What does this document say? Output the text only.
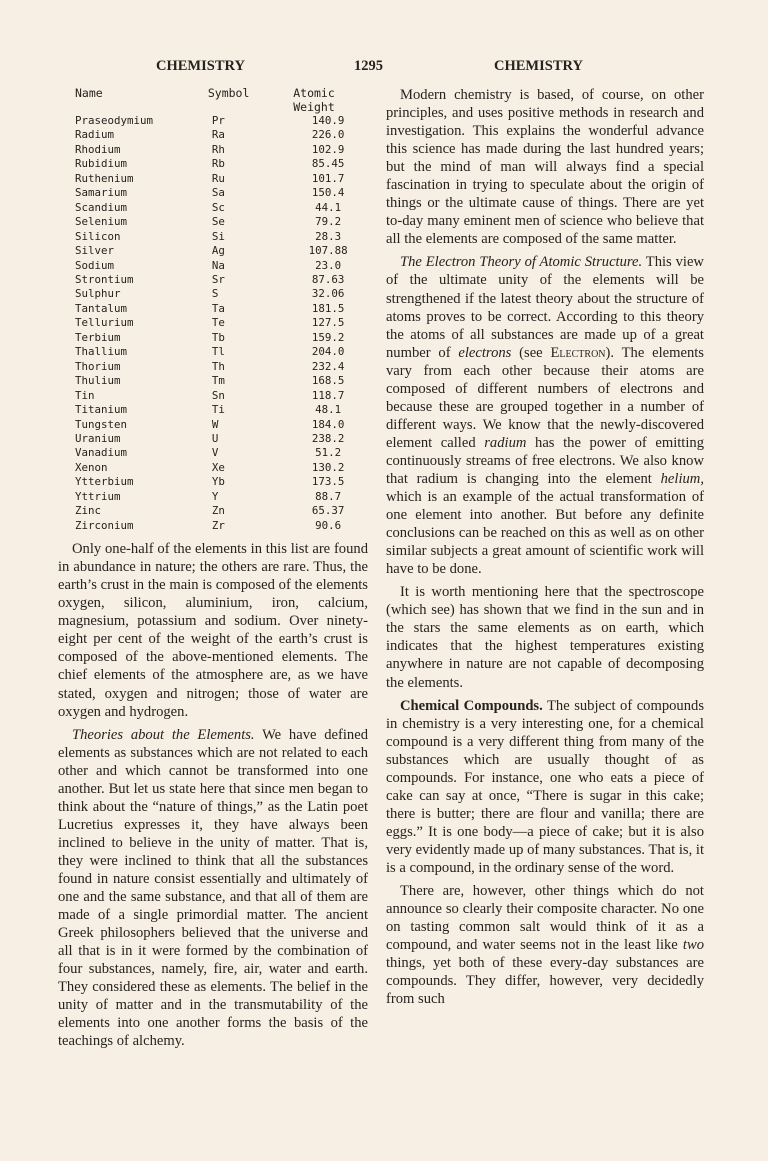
CHEMISTRY	1295	CHEMISTRY
Name	Symbol	Atomic Weight
Praseodymium	Pr	140.9
Radium	Ra	226.0
Rhodium	Rh	102.9
Rubidium	Rb	85.45
Ruthenium	Ru	101.7
Samarium	Sa	150.4
Scandium	Sc	44.1
Selenium	Se	79.2
Silicon	Si	28.3
Silver	Ag	107.88
Sodium	Na	23.0
Strontium	Sr	87.63
Sulphur	S	32.06
Tantalum	Ta	181.5
Tellurium	Te	127.5
Terbium	Tb	159.2
Thallium	Tl	204.0
Thorium	Th	232.4
Thulium	Tm	168.5
Tin	Sn	118.7
Titanium	Ti	48.1
Tungsten	W	184.0
Uranium	U	238.2
Vanadium	V	51.2
Xenon	Xe	130.2
Ytterbium	Yb	173.5
Yttrium	Y	88.7
Zinc	Zn	65.37
Zirconium	Zr	90.6

Only one-half of the elements in this list are found in abundance in nature; the others are rare. Thus, the earth’s crust in the main is composed of the elements oxygen, silicon, aluminium, iron, calcium, magnesium, potassium and sodium. Over ninety-eight per cent of the weight of the earth’s crust is composed of the above-mentioned elements. The chief elements of the atmosphere are, as we have stated, oxygen and nitrogen; those of water are oxygen and hydrogen.

Theories about the Elements. We have defined elements as substances which are not related to each other and which cannot be transformed into one another. But let us state here that since men began to think about the “nature of things,” as the Latin poet Lucretius expresses it, they have always been inclined to believe in the unity of matter. That is, they were inclined to think that all the substances found in nature consist essentially and ultimately of one and the same substance, and that all of them are made of a single primordial matter. The ancient Greek philosophers believed that the universe and all that is in it were formed by the combination of four substances, namely, fire, air, water and earth. They considered these as elements. The belief in the unity of matter and in the transmutability of the elements into one another forms the basis of the teachings of alchemy.

Modern chemistry is based, of course, on other principles, and uses positive methods in research and investigation. This explains the wonderful advance this science has made during the last hundred years; but the mind of man will always find a special fascination in trying to speculate about the origin of things or the ultimate cause of things. There are yet to-day many eminent men of science who believe that all the elements are composed of the same matter.

The Electron Theory of Atomic Structure. This view of the ultimate unity of the elements will be strengthened if the latest theory about the structure of atoms proves to be correct. According to this theory the atoms of all substances are made up of a great number of electrons (see Electron). The elements vary from each other because their atoms are composed of different numbers of electrons and because these are grouped together in a number of different ways. We know that the newly-discovered element called radium has the power of emitting continuously streams of free electrons. We also know that radium is changing into the element helium, which is an example of the actual transformation of one element into another. But before any definite conclusions can be reached on this as well as on other similar subjects a great amount of scientific work will have to be done.

It is worth mentioning here that the spectroscope (which see) has shown that we find in the sun and in the stars the same elements as on earth, which indicates that the highest temperatures existing anywhere in nature are not capable of decomposing the elements.

Chemical Compounds. The subject of compounds in chemistry is a very interesting one, for a chemical compound is a very different thing from many of the substances which are usually thought of as compounds. For instance, one who eats a piece of cake can say at once, “There is sugar in this cake; there is butter; there are flour and vanilla; there are eggs.” It is one body—a piece of cake; but it is also very evidently made up of many substances. That is, it is a compound, in the ordinary sense of the word.

There are, however, other things which do not announce so clearly their composite character. No one on tasting common salt would think of it as a compound, and water seems not in the least like two things, yet both of these every-day substances are compounds. They differ, however, very decidedly from such
